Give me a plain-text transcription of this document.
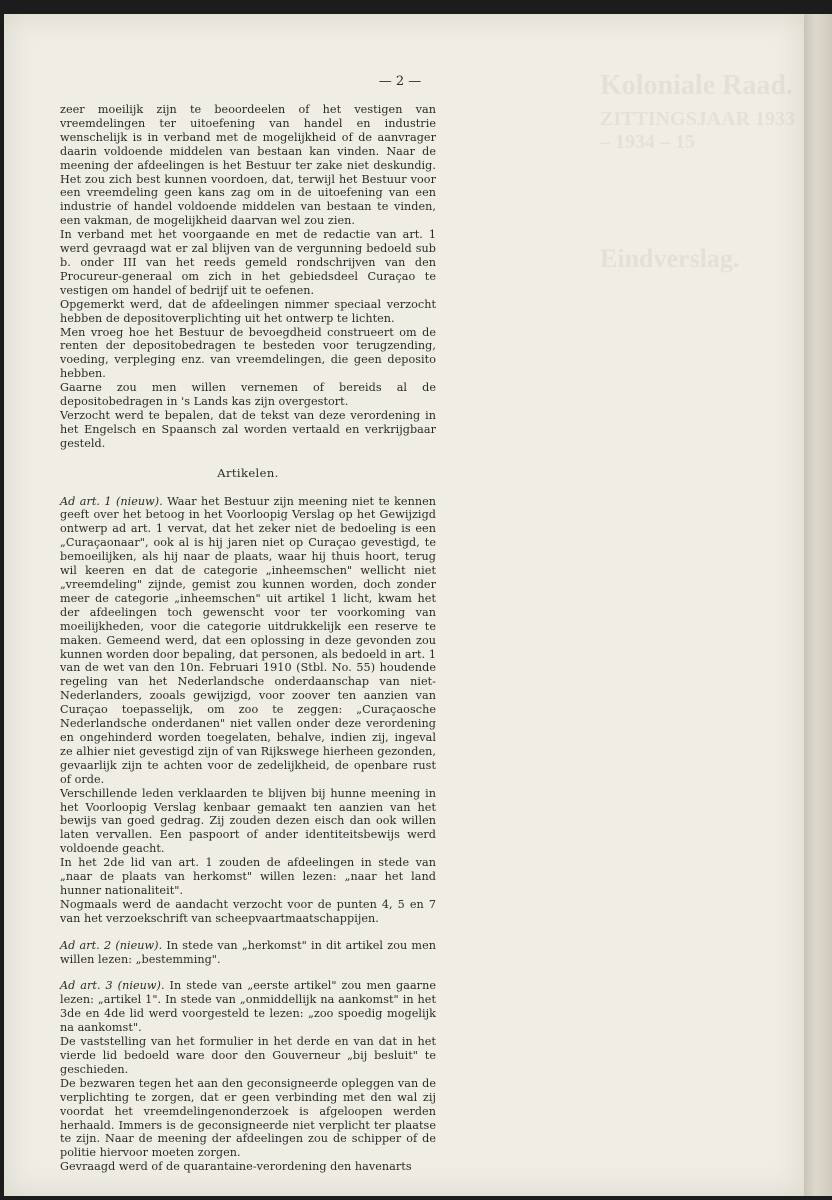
Koloniale Raad.
ZITTINGSJAAR 1933 – 1934 – 15
Eindverslag.
— 2 —

zeer moeilijk zijn te beoordeelen of het vestigen van vreemdelingen ter uitoefening van handel en industrie wenschelijk is in verband met de mogelijkheid of de aanvrager daarin voldoende middelen van bestaan kan vinden. Naar de meening der afdeelingen is het Bestuur ter zake niet deskundig. Het zou zich best kunnen voordoen, dat, terwijl het Bestuur voor een vreemdeling geen kans zag om in de uitoefening van een industrie of handel voldoende middelen van bestaan te vinden, een vakman, de mogelijkheid daarvan wel zou zien.

In verband met het voorgaande en met de redactie van art. 1 werd gevraagd wat er zal blijven van de vergunning bedoeld sub b. onder III van het reeds gemeld rondschrijven van den Procureur-generaal om zich in het gebiedsdeel Curaçao te vestigen om handel of bedrijf uit te oefenen.

Opgemerkt werd, dat de afdeelingen nimmer speciaal verzocht hebben de depositoverplichting uit het ontwerp te lichten.

Men vroeg hoe het Bestuur de bevoegdheid construeert om de renten der depositobedragen te besteden voor terugzending, voeding, verpleging enz. van vreemdelingen, die geen deposito hebben.

Gaarne zou men willen vernemen of bereids al de depositobedragen in 's Lands kas zijn overgestort.

Verzocht werd te bepalen, dat de tekst van deze verordening in het Engelsch en Spaansch zal worden vertaald en verkrijgbaar gesteld.

Artikelen.

Ad art. 1 (nieuw). Waar het Bestuur zijn meening niet te kennen geeft over het betoog in het Voorloopig Verslag op het Gewijzigd ontwerp ad art. 1 vervat, dat het zeker niet de bedoeling is een „Curaçaonaar", ook al is hij jaren niet op Curaçao gevestigd, te bemoeilijken, als hij naar de plaats, waar hij thuis hoort, terug wil keeren en dat de categorie „inheemschen" wellicht niet „vreemdeling" zijnde, gemist zou kunnen worden, doch zonder meer de categorie „inheemschen" uit artikel 1 licht, kwam het der afdeelingen toch gewenscht voor ter voorkoming van moeilijkheden, voor die categorie uitdrukkelijk een reserve te maken. Gemeend werd, dat een oplossing in deze gevonden zou kunnen worden door bepaling, dat personen, als bedoeld in art. 1 van de wet van den 10n. Februari 1910 (Stbl. No. 55) houdende regeling van het Nederlandsche onderdaanschap van niet-Nederlanders, zooals gewijzigd, voor zoover ten aanzien van Curaçao toepasselijk, om zoo te zeggen: „Curaçaosche Nederlandsche onderdanen" niet vallen onder deze verordening en ongehinderd worden toegelaten, behalve, indien zij, ingeval ze alhier niet gevestigd zijn of van Rijkswege hierheen gezonden, gevaarlijk zijn te achten voor de zedelijkheid, de openbare rust of orde.

Verschillende leden verklaarden te blijven bij hunne meening in het Voorloopig Verslag kenbaar gemaakt ten aanzien van het bewijs van goed gedrag. Zij zouden dezen eisch dan ook willen laten vervallen. Een paspoort of ander identiteitsbewijs werd voldoende geacht.

In het 2de lid van art. 1 zouden de afdeelingen in stede van „naar de plaats van herkomst" willen lezen: „naar het land hunner nationaliteit".

Nogmaals werd de aandacht verzocht voor de punten 4, 5 en 7 van het verzoekschrift van scheepvaartmaatschappijen.

Ad art. 2 (nieuw). In stede van „herkomst" in dit artikel zou men willen lezen: „bestemming".

Ad art. 3 (nieuw). In stede van „eerste artikel" zou men gaarne lezen: „artikel 1". In stede van „onmiddellijk na aankomst" in het 3de en 4de lid werd voorgesteld te lezen: „zoo spoedig mogelijk na aankomst".

De vaststelling van het formulier in het derde en van dat in het vierde lid bedoeld ware door den Gouverneur „bij besluit" te geschieden.

De bezwaren tegen het aan den geconsigneerde opleggen van de verplichting te zorgen, dat er geen verbinding met den wal zij voordat het vreemdelingenonderzoek is afgeloopen werden herhaald. Immers is de geconsigneerde niet verplicht ter plaatse te zijn. Naar de meening der afdeelingen zou de schipper of de politie hiervoor moeten zorgen.

Gevraagd werd of de quarantaine-verordening den havenarts
